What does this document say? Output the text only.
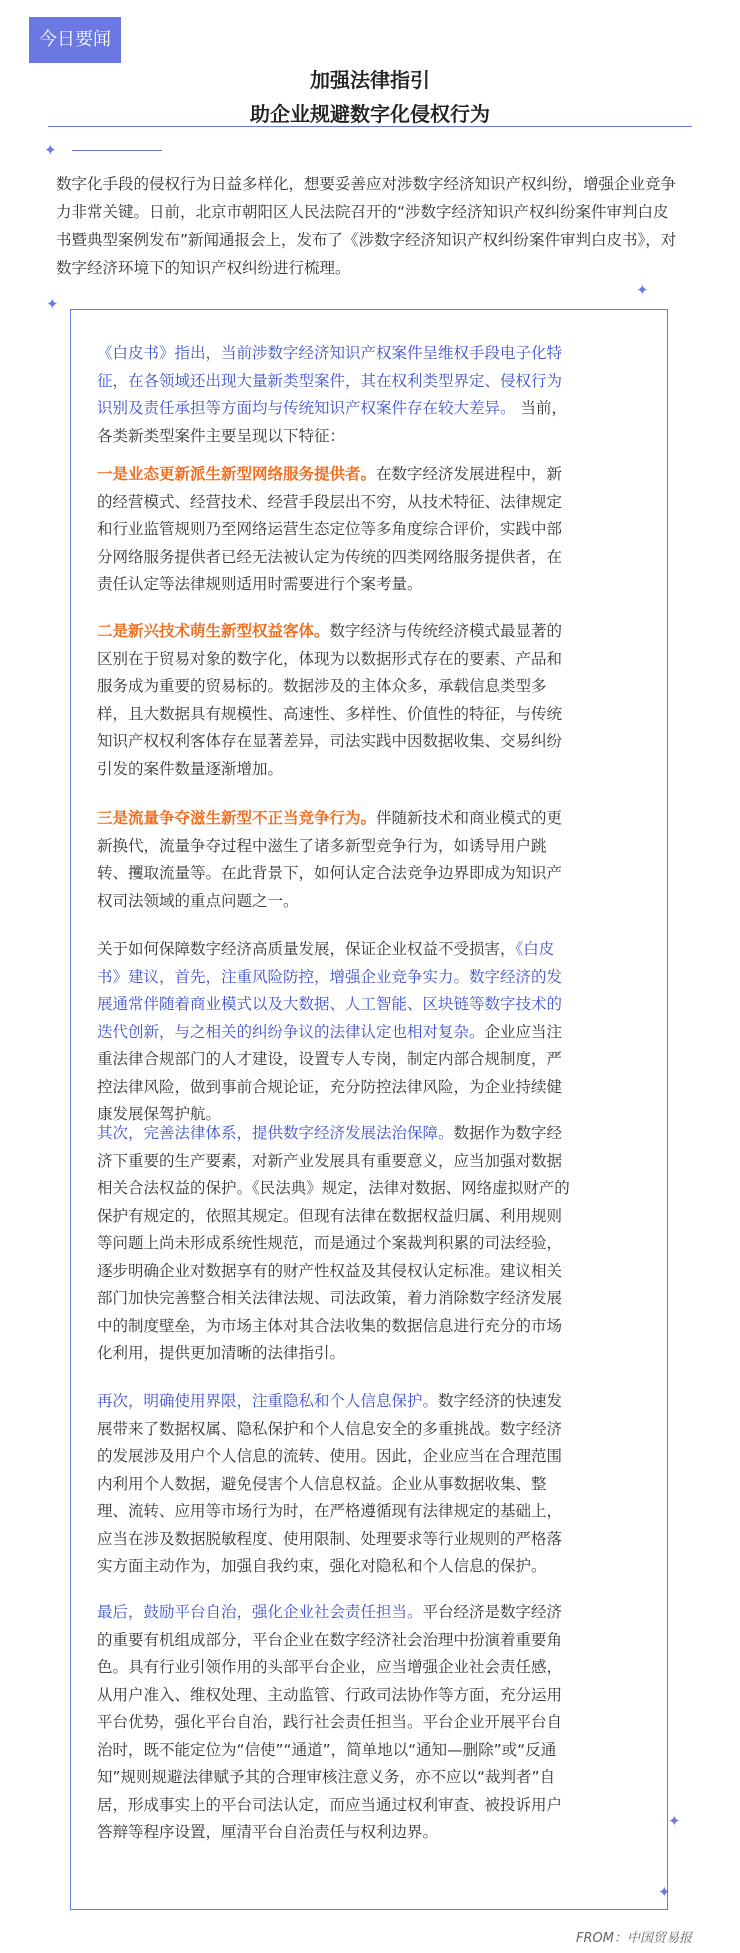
今日要闻
加强法律指引
助企业规避数字化侵权行为
✦

数字化手段的侵权行为日益多样化，想要妥善应对涉数字经济知识产权纠纷，增强企业竞争力非常关键。日前，北京市朝阳区人民法院召开的“涉数字经济知识产权纠纷案件审判白皮书暨典型案例发布”新闻通报会上，发布了《涉数字经济知识产权纠纷案件审判白皮书》，对数字经济环境下的知识产权纠纷进行梳理。

✦
✦
✦
✦

《白皮书》指出，当前涉数字经济知识产权案件呈维权手段电子化特征，在各领域还出现大量新类型案件，其在权利类型界定、侵权行为识别及责任承担等方面均与传统知识产权案件存在较大差异。 当前，各类新类型案件主要呈现以下特征：

一是业态更新派生新型网络服务提供者。在数字经济发展进程中，新的经营模式、经营技术、经营手段层出不穷，从技术特征、法律规定和行业监管规则乃至网络运营生态定位等多角度综合评价，实践中部分网络服务提供者已经无法被认定为传统的四类网络服务提供者，在责任认定等法律规则适用时需要进行个案考量。

二是新兴技术萌生新型权益客体。数字经济与传统经济模式最显著的区别在于贸易对象的数字化，体现为以数据形式存在的要素、产品和服务成为重要的贸易标的。数据涉及的主体众多，承载信息类型多样，且大数据具有规模性、高速性、多样性、价值性的特征，与传统知识产权权利客体存在显著差异，司法实践中因数据收集、交易纠纷引发的案件数量逐渐增加。

三是流量争夺滋生新型不正当竞争行为。伴随新技术和商业模式的更新换代，流量争夺过程中滋生了诸多新型竞争行为，如诱导用户跳转、攫取流量等。在此背景下，如何认定合法竞争边界即成为知识产权司法领域的重点问题之一。

关于如何保障数字经济高质量发展，保证企业权益不受损害，《白皮书》建议，首先，注重风险防控，增强企业竞争实力。数字经济的发展通常伴随着商业模式以及大数据、人工智能、区块链等数字技术的迭代创新，与之相关的纠纷争议的法律认定也相对复杂。企业应当注重法律合规部门的人才建设，设置专人专岗，制定内部合规制度，严控法律风险，做到事前合规论证，充分防控法律风险，为企业持续健康发展保驾护航。

其次，完善法律体系，提供数字经济发展法治保障。数据作为数字经济下重要的生产要素，对新产业发展具有重要意义，应当加强对数据相关合法权益的保护。《民法典》规定，法律对数据、网络虚拟财产的保护有规定的，依照其规定。但现有法律在数据权益归属、利用规则等问题上尚未形成系统性规范，而是通过个案裁判积累的司法经验，逐步明确企业对数据享有的财产性权益及其侵权认定标准。建议相关部门加快完善整合相关法律法规、司法政策，着力消除数字经济发展中的制度壁垒，为市场主体对其合法收集的数据信息进行充分的市场化利用，提供更加清晰的法律指引。

再次，明确使用界限，注重隐私和个人信息保护。数字经济的快速发展带来了数据权属、隐私保护和个人信息安全的多重挑战。数字经济的发展涉及用户个人信息的流转、使用。因此，企业应当在合理范围内利用个人数据，避免侵害个人信息权益。企业从事数据收集、整理、流转、应用等市场行为时，在严格遵循现有法律规定的基础上，应当在涉及数据脱敏程度、使用限制、处理要求等行业规则的严格落实方面主动作为，加强自我约束，强化对隐私和个人信息的保护。

最后，鼓励平台自治，强化企业社会责任担当。平台经济是数字经济的重要有机组成部分，平台企业在数字经济社会治理中扮演着重要角色。具有行业引领作用的头部平台企业，应当增强企业社会责任感，从用户准入、维权处理、主动监管、行政司法协作等方面，充分运用平台优势，强化平台自治，践行社会责任担当。平台企业开展平台自治时，既不能定位为“信使”“通道”，简单地以“通知—删除”或“反通知”规则规避法律赋予其的合理审核注意义务，亦不应以“裁判者”自居，形成事实上的平台司法认定，而应当通过权利审查、被投诉用户答辩等程序设置，厘清平台自治责任与权利边界。

FROM：中国贸易报
